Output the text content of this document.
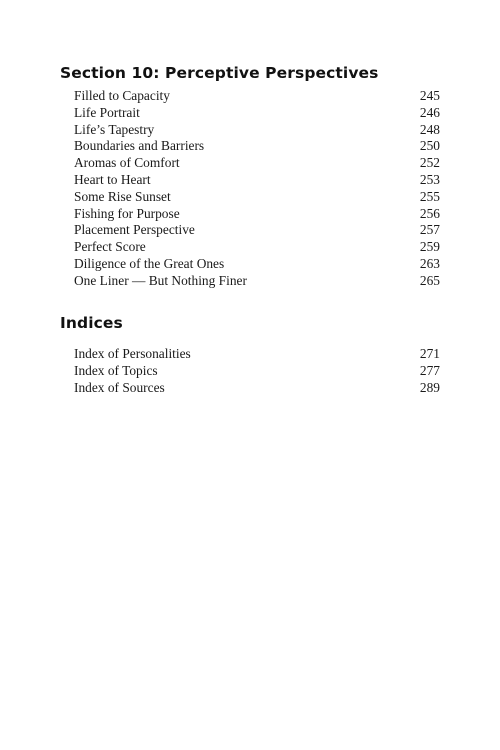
Section 10: Perceptive Perspectives
Filled to Capacity	245
Life Portrait	246
Life’s Tapestry	248
Boundaries and Barriers	250
Aromas of Comfort	252
Heart to Heart	253
Some Rise Sunset	255
Fishing for Purpose	256
Placement Perspective	257
Perfect Score	259
Diligence of the Great Ones	263
One Liner — But Nothing Finer	265
Indices
Index of Personalities	271
Index of Topics	277
Index of Sources	289
